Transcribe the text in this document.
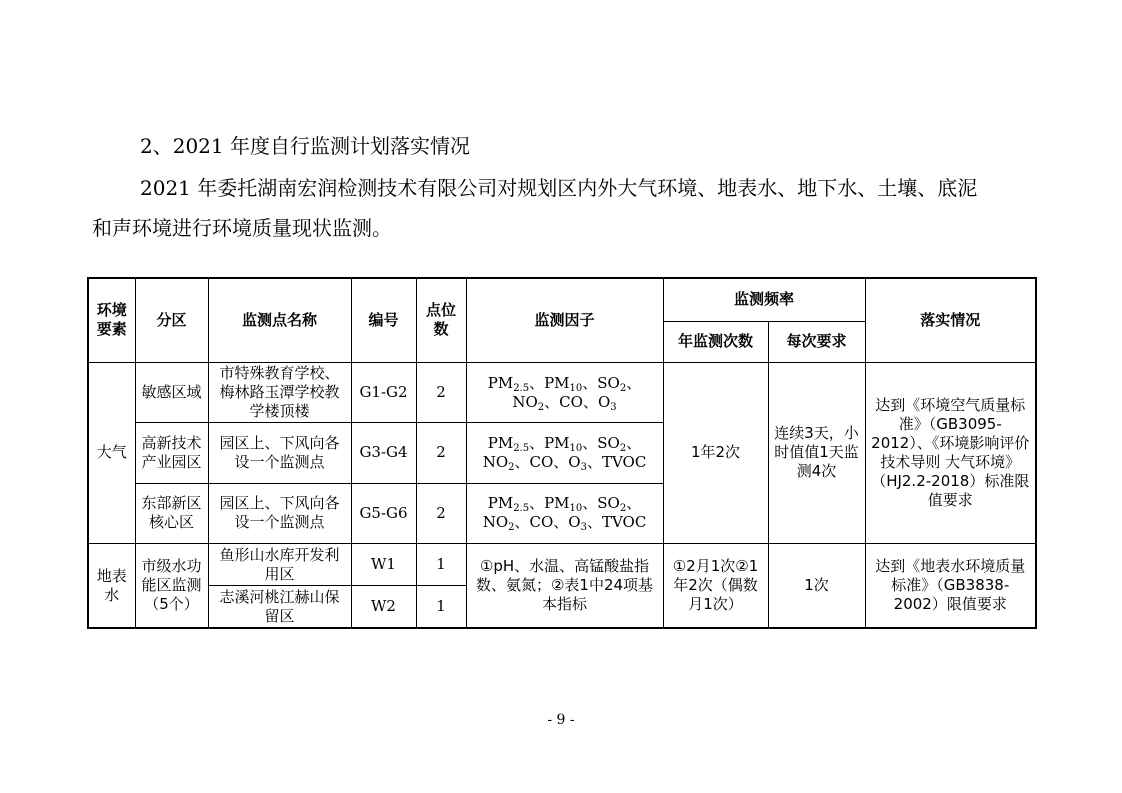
2、2021 年度自行监测计划落实情况
2021 年委托湖南宏润检测技术有限公司对规划区内外大气环境、地表水、地下水、土壤、底泥
和声环境进行环境质量现状监测。
环境要素	分区	监测点名称	编号	点位数	监测因子	监测频率		落实情况
						年监测次数	每次要求	
大气	敏感区域	市特殊教育学校、梅林路玉潭学校教学楼顶楼	G1-G2	2	$PM_{2.5}$、$PM_{10}$、$SO_2$、$NO_2$、CO、$O_3$	1年2次	连续3天，小时值值1天监测4次	达到《环境空气质量标准》（GB3095-2012）、《环境影响评价技术导则 大气环境》（HJ2.2-2018）标准限值要求
	高新技术产业园区	园区上、下风向各设一个监测点	G3-G4	2	$PM_{2.5}$、$PM_{10}$、$SO_2$、$NO_2$、CO、$O_3$、TVOC			
	东部新区核心区	园区上、下风向各设一个监测点	G5-G6	2	$PM_{2.5}$、$PM_{10}$、$SO_2$、$NO_2$、CO、$O_3$、TVOC			
地表水	市级水功能区监测（5个）	鱼形山水库开发利用区	W1	1	①pH、水温、高锰酸盐指数、氨氮；②表1中24项基本指标	①2月1次②1年2次（偶数月1次）	1次	达到《地表水环境质量标准》（GB3838-2002）限值要求
		志溪河桃江赫山保留区	W2	1				
- 9 -
